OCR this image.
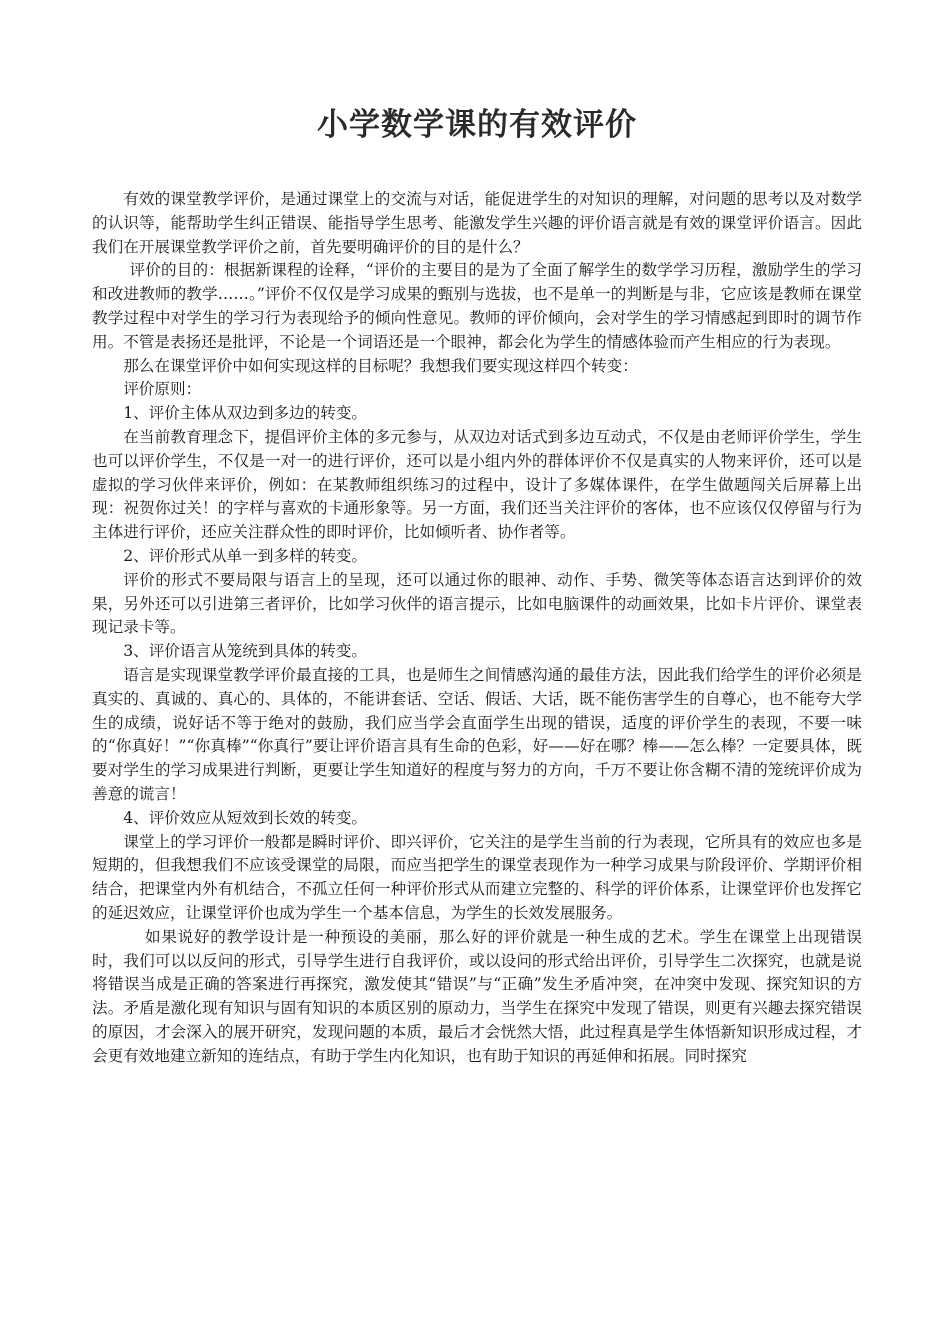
小学数学课的有效评价

有效的课堂教学评价，是通过课堂上的交流与对话，能促进学生的对知识的理解，对问题的思考以及对数学的认识等，能帮助学生纠正错误、能指导学生思考、能激发学生兴趣的评价语言就是有效的课堂评价语言。因此我们在开展课堂教学评价之前，首先要明确评价的目的是什么？

评价的目的：根据新课程的诠释，“评价的主要目的是为了全面了解学生的数学学习历程，激励学生的学习和改进教师的教学……。”评价不仅仅是学习成果的甄别与选拔，也不是单一的判断是与非，它应该是教师在课堂教学过程中对学生的学习行为表现给予的倾向性意见。教师的评价倾向，会对学生的学习情感起到即时的调节作用。不管是表扬还是批评，不论是一个词语还是一个眼神，都会化为学生的情感体验而产生相应的行为表现。

那么在课堂评价中如何实现这样的目标呢？我想我们要实现这样四个转变：

评价原则：

1、评价主体从双边到多边的转变。

在当前教育理念下，提倡评价主体的多元参与，从双边对话式到多边互动式，不仅是由老师评价学生，学生也可以评价学生，不仅是一对一的进行评价，还可以是小组内外的群体评价不仅是真实的人物来评价，还可以是虚拟的学习伙伴来评价，例如：在某教师组织练习的过程中，设计了多媒体课件，在学生做题闯关后屏幕上出现：祝贺你过关！的字样与喜欢的卡通形象等。另一方面，我们还当关注评价的客体，也不应该仅仅停留与行为主体进行评价，还应关注群众性的即时评价，比如倾听者、协作者等。

2、评价形式从单一到多样的转变。

评价的形式不要局限与语言上的呈现，还可以通过你的眼神、动作、手势、微笑等体态语言达到评价的效果，另外还可以引进第三者评价，比如学习伙伴的语言提示，比如电脑课件的动画效果，比如卡片评价、课堂表现记录卡等。

3、评价语言从笼统到具体的转变。

语言是实现课堂教学评价最直接的工具，也是师生之间情感沟通的最佳方法，因此我们给学生的评价必须是真实的、真诚的、真心的、具体的，不能讲套话、空话、假话、大话，既不能伤害学生的自尊心，也不能夸大学生的成绩，说好话不等于绝对的鼓励，我们应当学会直面学生出现的错误，适度的评价学生的表现，不要一味的“你真好！”“你真棒”“你真行”要让评价语言具有生命的色彩，好——好在哪？棒——怎么棒？一定要具体，既要对学生的学习成果进行判断，更要让学生知道好的程度与努力的方向，千万不要让你含糊不清的笼统评价成为善意的谎言！

4、评价效应从短效到长效的转变。

课堂上的学习评价一般都是瞬时评价、即兴评价，它关注的是学生当前的行为表现，它所具有的效应也多是短期的，但我想我们不应该受课堂的局限，而应当把学生的课堂表现作为一种学习成果与阶段评价、学期评价相结合，把课堂内外有机结合，不孤立任何一种评价形式从而建立完整的、科学的评价体系，让课堂评价也发挥它的延迟效应，让课堂评价也成为学生一个基本信息，为学生的长效发展服务。

如果说好的教学设计是一种预设的美丽，那么好的评价就是一种生成的艺术。学生在课堂上出现错误时，我们可以以反问的形式，引导学生进行自我评价，或以设问的形式给出评价，引导学生二次探究，也就是说将错误当成是正确的答案进行再探究，激发使其“错误”与“正确”发生矛盾冲突，在冲突中发现、探究知识的方法。矛盾是激化现有知识与固有知识的本质区别的原动力，当学生在探究中发现了错误，则更有兴趣去探究错误的原因，才会深入的展开研究，发现问题的本质，最后才会恍然大悟，此过程真是学生体悟新知识形成过程，才会更有效地建立新知的连结点，有助于学生内化知识，也有助于知识的再延伸和拓展。同时探究
